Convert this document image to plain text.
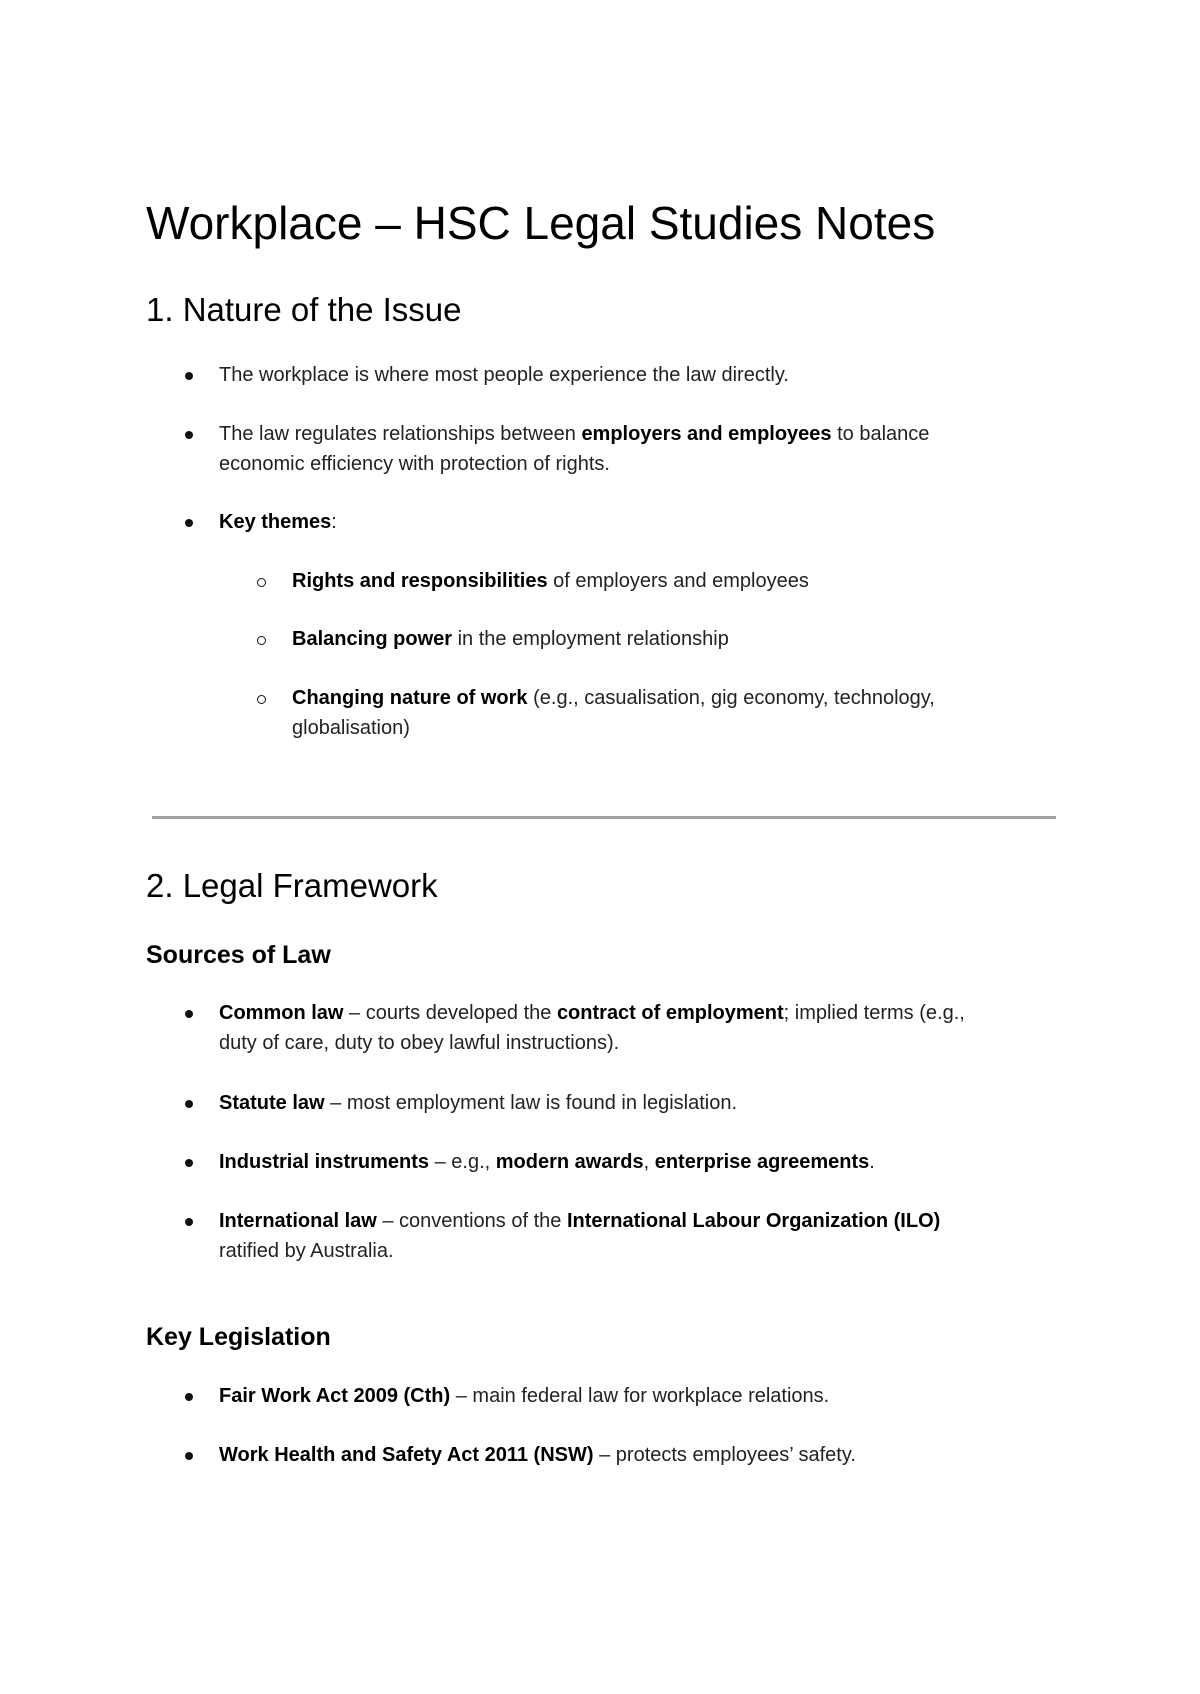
Workplace – HSC Legal Studies Notes
1. Nature of the Issue
The workplace is where most people experience the law directly.
The law regulates relationships between employers and employees to balance
economic efficiency with protection of rights.
Key themes:
Rights and responsibilities of employers and employees
Balancing power in the employment relationship
Changing nature of work (e.g., casualisation, gig economy, technology,
globalisation)
2. Legal Framework
Sources of Law
Common law – courts developed the contract of employment; implied terms (e.g.,
duty of care, duty to obey lawful instructions).
Statute law – most employment law is found in legislation.
Industrial instruments – e.g., modern awards, enterprise agreements.
International law – conventions of the International Labour Organization (ILO)
ratified by Australia.
Key Legislation
Fair Work Act 2009 (Cth) – main federal law for workplace relations.
Work Health and Safety Act 2011 (NSW) – protects employees’ safety.
